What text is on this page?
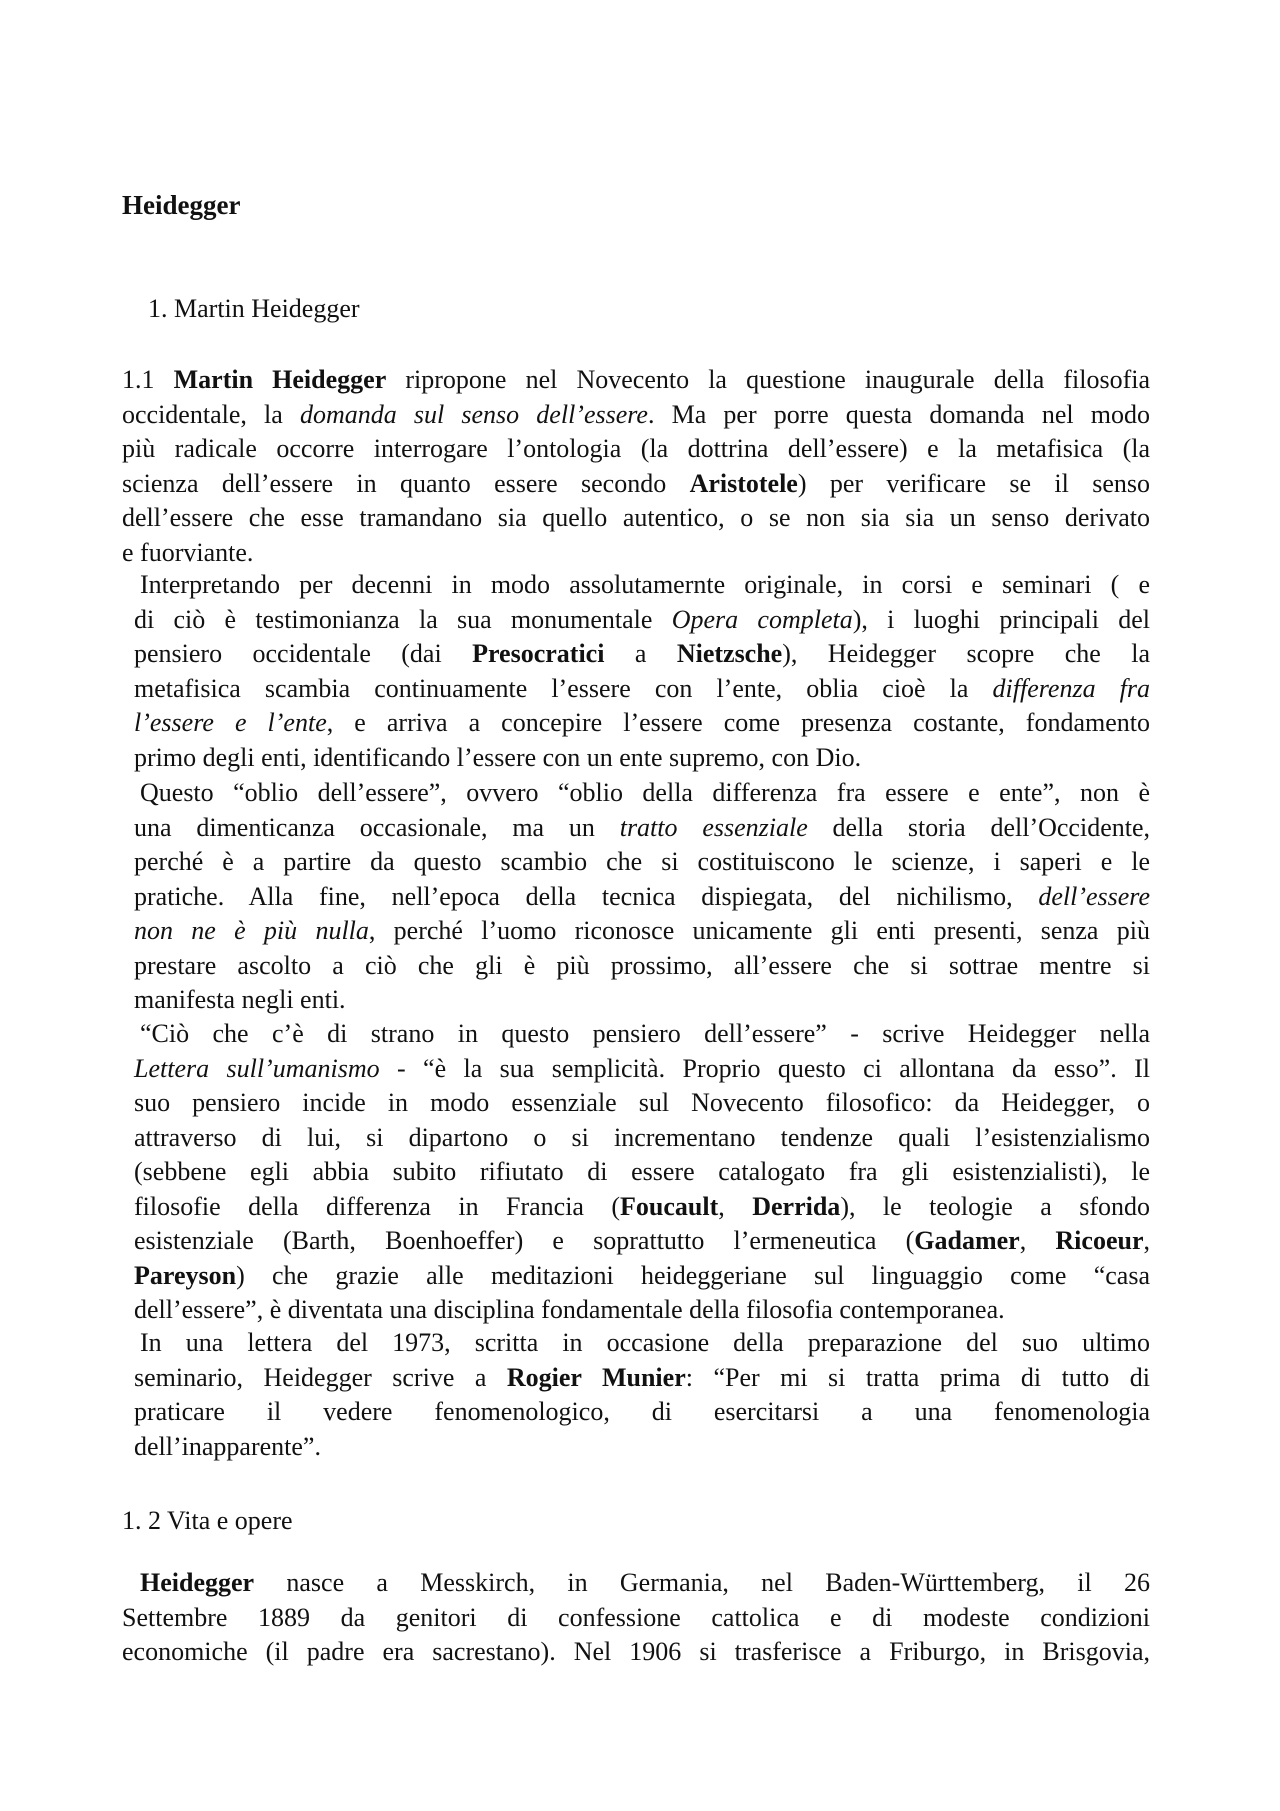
Heidegger
1. Martin Heidegger
1.1 Martin Heidegger ripropone nel Novecento la questione inaugurale della filosofia
occidentale, la domanda sul senso dell’essere. Ma per porre questa domanda nel modo
più radicale occorre interrogare l’ontologia (la dottrina dell’essere) e la metafisica (la
scienza dell’essere in quanto essere secondo Aristotele) per verificare se il senso
dell’essere che esse tramandano sia quello autentico, o se non sia sia un senso derivato
e fuorviante.
Interpretando per decenni in modo assolutamernte originale, in corsi e seminari ( e
di ciò è testimonianza la sua monumentale Opera completa), i luoghi principali del
pensiero occidentale (dai Presocratici a Nietzsche), Heidegger scopre che la
metafisica scambia continuamente l’essere con l’ente, oblia cioè la differenza fra
l’essere e l’ente, e arriva a concepire l’essere come presenza costante, fondamento
primo degli enti, identificando l’essere con un ente supremo, con Dio.
Questo “oblio dell’essere”, ovvero “oblio della differenza fra essere e ente”, non è
una dimenticanza occasionale, ma un tratto essenziale della storia dell’Occidente,
perché è a partire da questo scambio che si costituiscono le scienze, i saperi e le
pratiche. Alla fine, nell’epoca della tecnica dispiegata, del nichilismo, dell’essere
non ne è più nulla, perché l’uomo riconosce unicamente gli enti presenti, senza più
prestare ascolto a ciò che gli è più prossimo, all’essere che si sottrae mentre si
manifesta negli enti.
“Ciò che c’è di strano in questo pensiero dell’essere” - scrive Heidegger nella
Lettera sull’umanismo - “è la sua semplicità. Proprio questo ci allontana da esso”. Il
suo pensiero incide in modo essenziale sul Novecento filosofico: da Heidegger, o
attraverso di lui, si dipartono o si incrementano tendenze quali l’esistenzialismo
(sebbene egli abbia subito rifiutato di essere catalogato fra gli esistenzialisti), le
filosofie della differenza in Francia (Foucault, Derrida), le teologie a sfondo
esistenziale (Barth, Boenhoeffer) e soprattutto l’ermeneutica (Gadamer, Ricoeur,
Pareyson) che grazie alle meditazioni heideggeriane sul linguaggio come “casa
dell’essere”, è diventata una disciplina fondamentale della filosofia contemporanea.
In una lettera del 1973, scritta in occasione della preparazione del suo ultimo
seminario, Heidegger scrive a Rogier Munier: “Per mi si tratta prima di tutto di
praticare il vedere fenomenologico, di esercitarsi a una fenomenologia
dell’inapparente”.
1. 2 Vita e opere
Heidegger nasce a Messkirch, in Germania, nel Baden-Württemberg, il 26
Settembre 1889 da genitori di confessione cattolica e di modeste condizioni
economiche (il padre era sacrestano). Nel 1906 si trasferisce a Friburgo, in Brisgovia,
